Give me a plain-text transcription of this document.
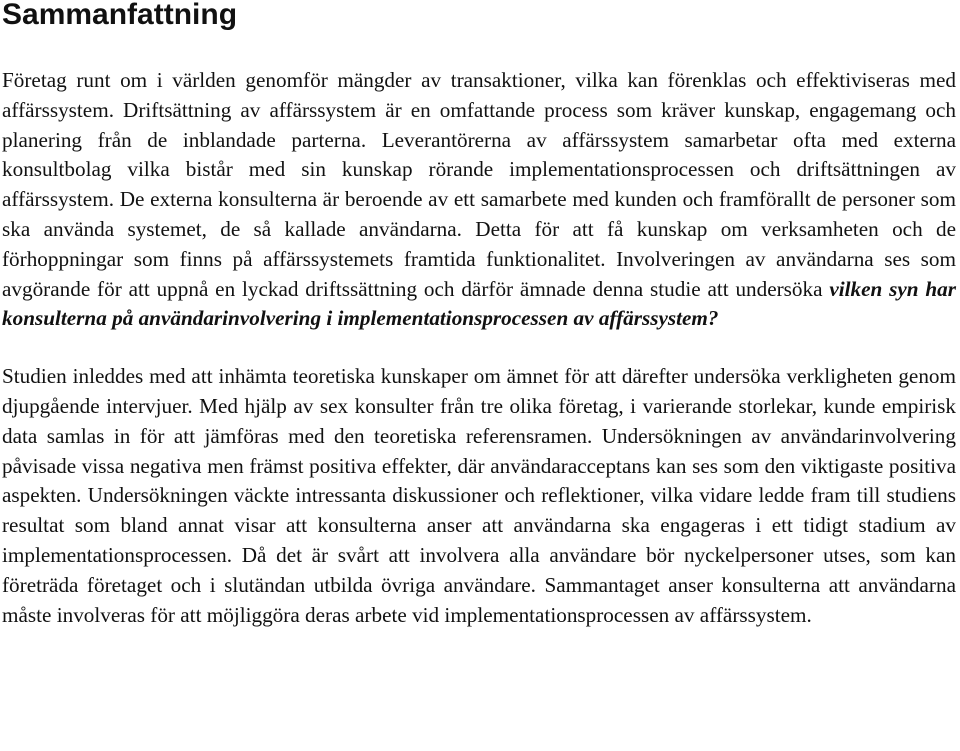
Sammanfattning

Företag runt om i världen genomför mängder av transaktioner, vilka kan förenklas och effektiviseras med affärssystem. Driftsättning av affärssystem är en omfattande process som kräver kunskap, engagemang och planering från de inblandade parterna. Leverantörerna av affärssystem samarbetar ofta med externa konsultbolag vilka bistår med sin kunskap rörande implementationsprocessen och driftsättningen av affärssystem. De externa konsulterna är beroende av ett samarbete med kunden och framförallt de personer som ska använda systemet, de så kallade användarna. Detta för att få kunskap om verksamheten och de förhoppningar som finns på affärssystemets framtida funktionalitet. Involveringen av användarna ses som avgörande för att uppnå en lyckad driftssättning och därför ämnade denna studie att undersöka vilken syn har konsulterna på användarinvolvering i implementationsprocessen av affärssystem?

Studien inleddes med att inhämta teoretiska kunskaper om ämnet för att därefter undersöka verkligheten genom djupgående intervjuer. Med hjälp av sex konsulter från tre olika företag, i varierande storlekar, kunde empirisk data samlas in för att jämföras med den teoretiska referensramen. Undersökningen av användarinvolvering påvisade vissa negativa men främst positiva effekter, där användaracceptans kan ses som den viktigaste positiva aspekten. Undersökningen väckte intressanta diskussioner och reflektioner, vilka vidare ledde fram till studiens resultat som bland annat visar att konsulterna anser att användarna ska engageras i ett tidigt stadium av implementationsprocessen. Då det är svårt att involvera alla användare bör nyckelpersoner utses, som kan företräda företaget och i slutändan utbilda övriga användare. Sammantaget anser konsulterna att användarna måste involveras för att möjliggöra deras arbete vid implementationsprocessen av affärssystem.
